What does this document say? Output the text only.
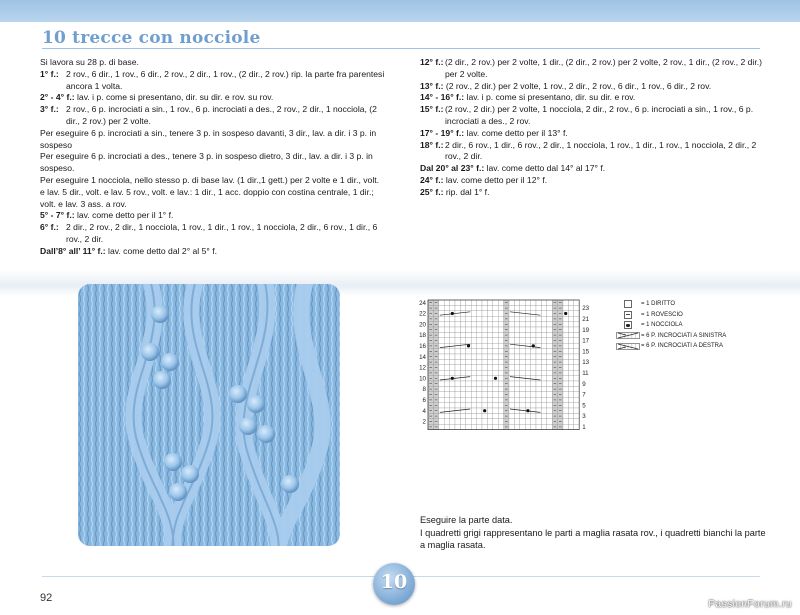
10 trecce con nocciole
Si lavora su 28 p. di base.
1° f.: 2 rov., 6 dir., 1 rov., 6 dir., 2 rov., 2 dir., 1 rov., (2 dir., 2 rov.) rip. la parte fra parentesi ancora 1 volta.
2° - 4° f.: lav. i p. come si presentano, dir. su dir. e rov. su rov.
3° f.: 2 rov., 6 p. incrociati a sin., 1 rov., 6 p. incrociati a des., 2 rov., 2 dir., 1 nocciola, (2 dir., 2 rov.) per 2 volte.
Per eseguire 6 p. incrociati a sin., tenere 3 p. in sospeso davanti, 3 dir., lav. a dir. i 3 p. in sospeso
Per eseguire 6 p. incrociati a des., tenere 3 p. in sospeso dietro, 3 dir., lav. a dir. i 3 p. in sospeso.
Per eseguire 1 nocciola, nello stesso p. di base lav. (1 dir.,1 gett.) per 2 volte e 1 dir., volt. e lav. 5 dir., volt. e lav. 5 rov., volt. e lav.: 1 dir., 1 acc. doppio con costina centrale, 1 dir.; volt. e lav. 3 ass. a rov.
5° - 7° f.: lav. come detto per il 1° f.
6° f.: 2 dir., 2 rov., 2 dir., 1 nocciola, 1 rov., 1 dir., 1 rov., 1 nocciola, 2 dir., 6 rov., 1 dir., 6 rov., 2 dir.
Dall’8° all’ 11° f.: lav. come detto dal 2° al 5° f.
12° f.: (2 dir., 2 rov.) per 2 volte, 1 dir., (2 dir., 2 rov.) per 2 volte, 2 rov., 1 dir., (2 rov., 2 dir.) per 2 volte.
13° f.: (2 rov., 2 dir.) per 2 volte, 1 rov., 2 dir., 2 rov., 6 dir., 1 rov., 6 dir., 2 rov.
14° - 16° f.: lav. i p. come si presentano, dir. su dir. e rov.
15° f.: (2 rov., 2 dir.) per 2 volte, 1 nocciola, 2 dir., 2 rov., 6 p. incrociati a sin., 1 rov., 6 p. incrociati a des., 2 rov.
17° - 19° f.: lav. come detto per il 13° f.
18° f.: 2 dir., 6 rov., 1 dir., 6 rov., 2 dir., 1 nocciola, 1 rov., 1 dir., 1 rov., 1 nocciola, 2 dir., 2 rov., 2 dir.
Dal 20° al 23° f.: lav. come detto dal 14° al 17° f.
24° f.: lav. come detto per il 12° f.
25° f.: rip. dal 1° f.
24
22
20
18
16
14
12
10
8
6
4
2
23
21
19
17
15
13
11
9
7
5
3
1
= 1 DIRITTO
= 1 ROVESCIO
= 1 NOCCIOLA
= 6 P. INCROCIATI A SINISTRA
= 6 P. INCROCIATI A DESTRA
Eseguire la parte data.
I quadretti grigi rappresentano le parti a maglia rasata rov., i quadretti bianchi la parte a maglia rasata.
92
10
PassionForum.ru
